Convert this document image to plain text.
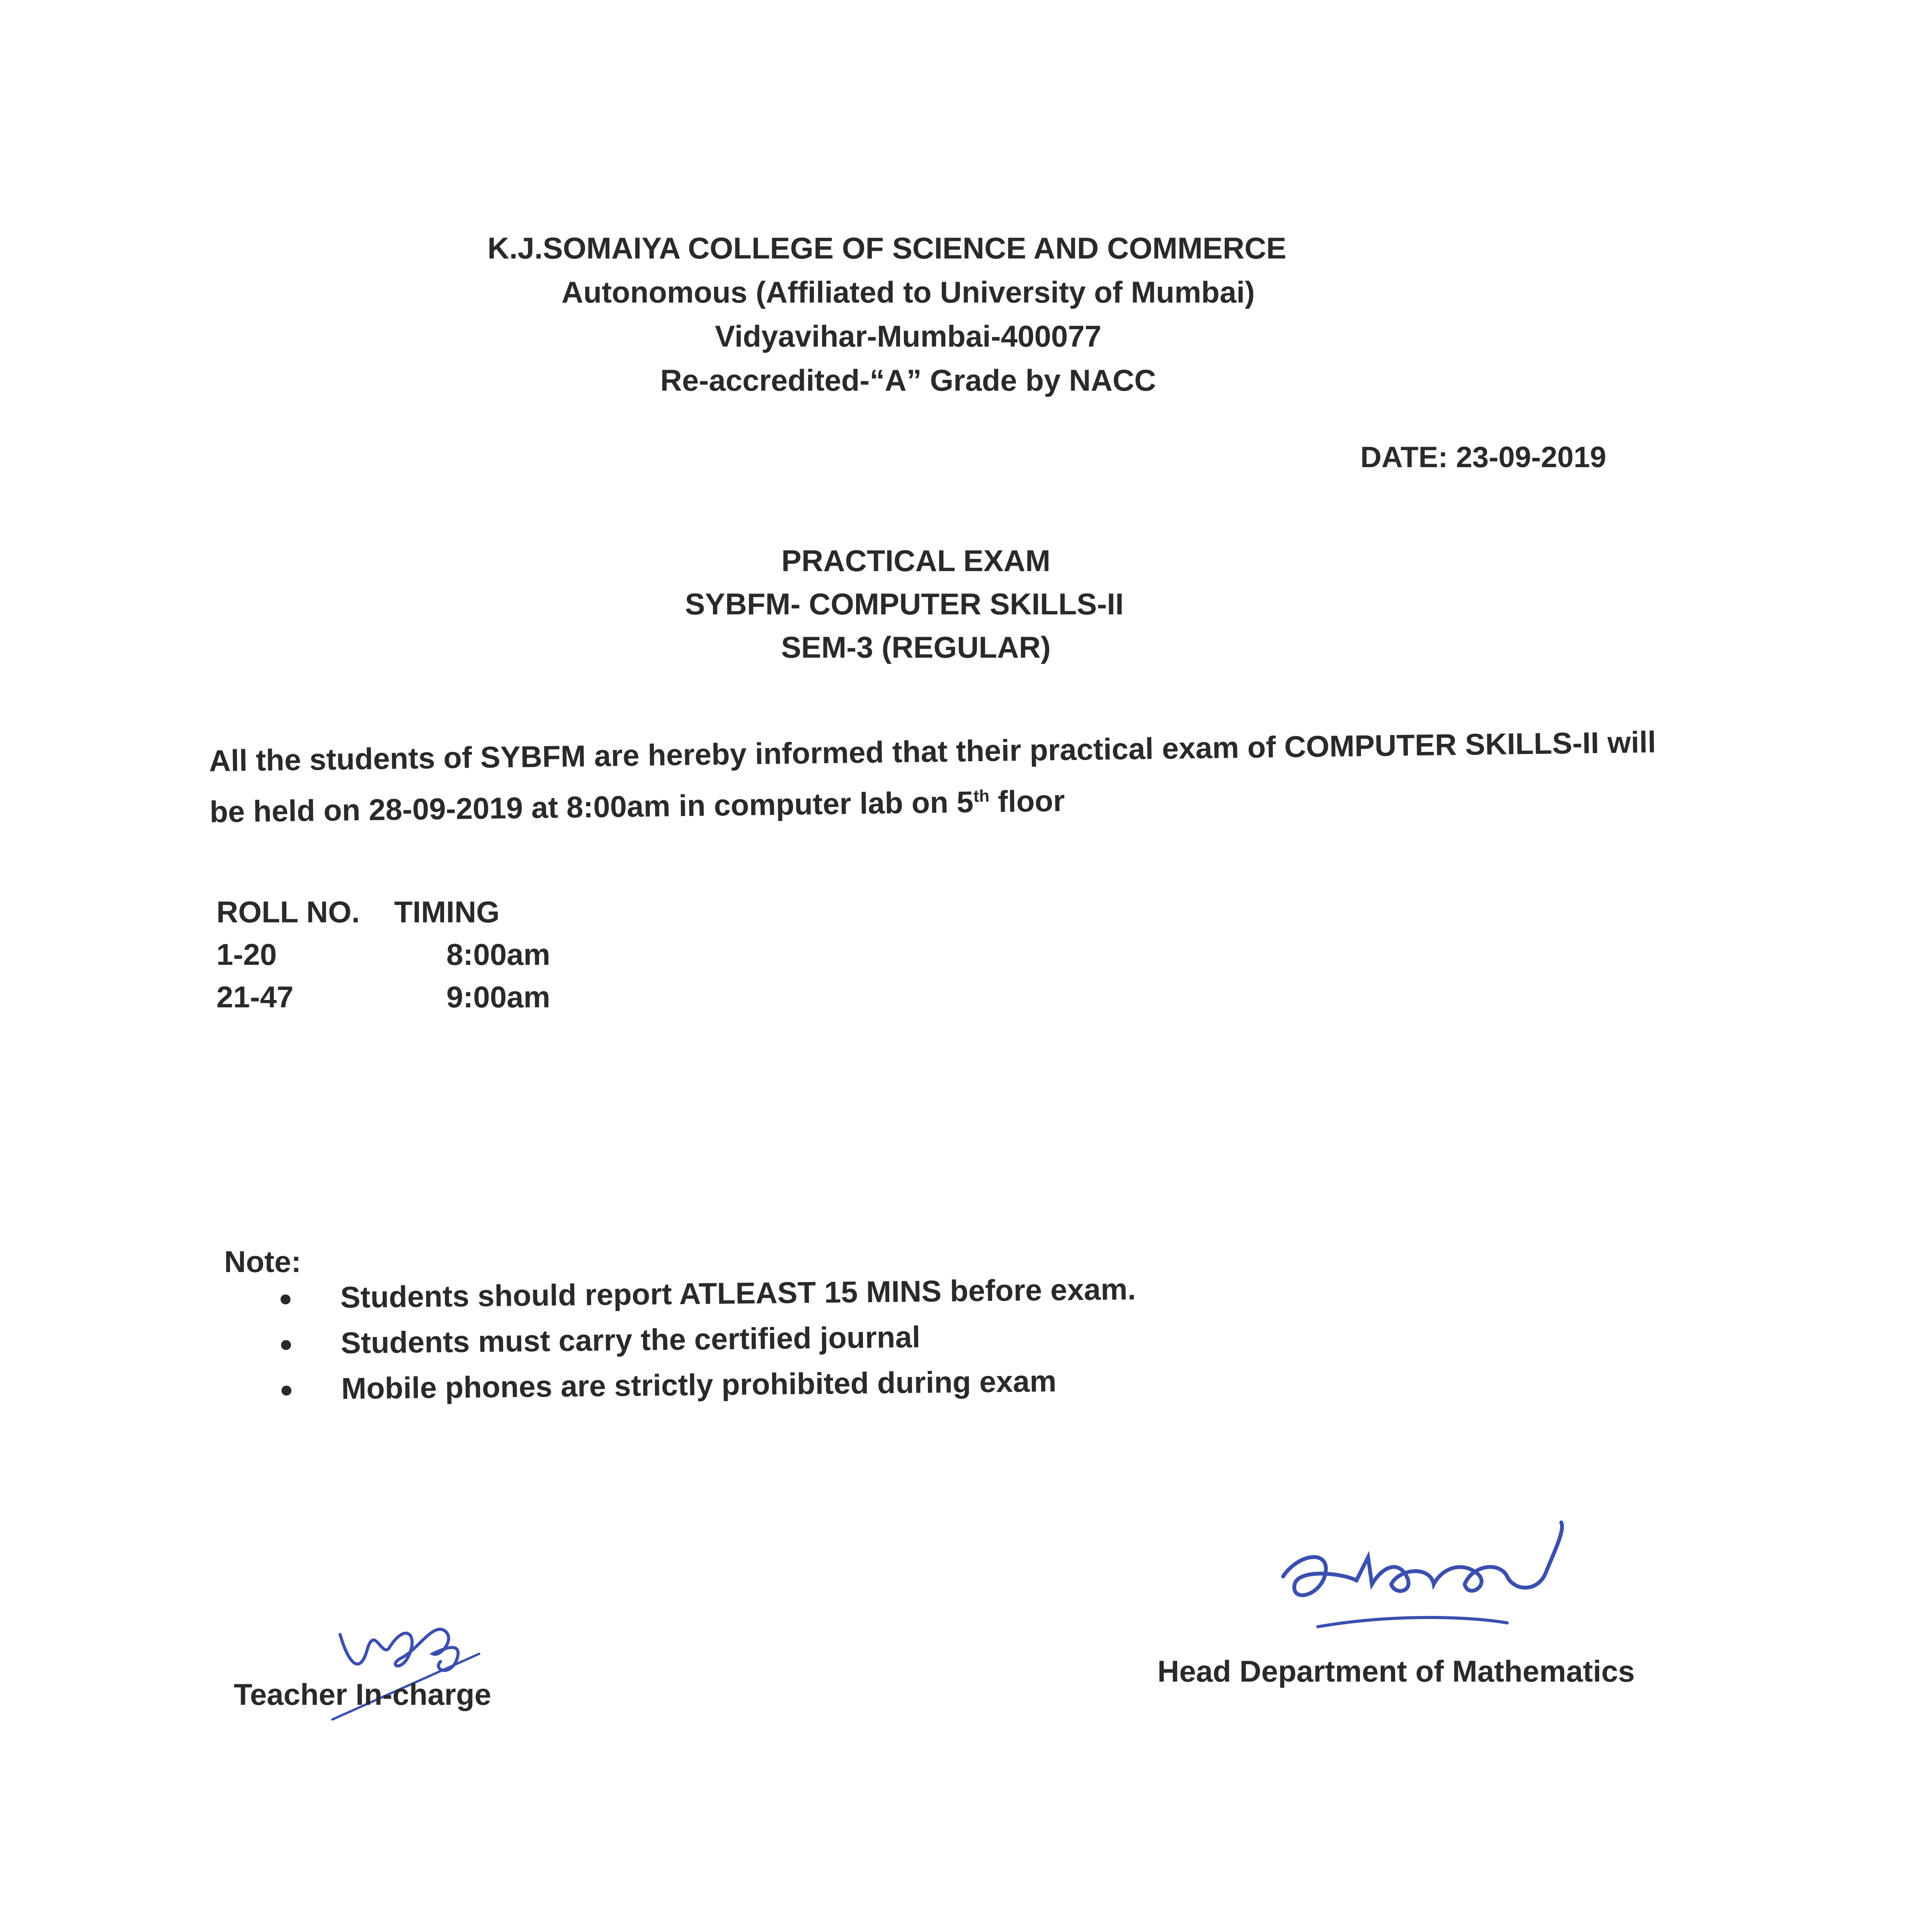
K.J.SOMAIYA COLLEGE OF SCIENCE AND COMMERCE
Autonomous (Affiliated to University of Mumbai)
Vidyavihar-Mumbai-400077
Re-accredited-“A” Grade by NACC
DATE: 23-09-2019
PRACTICAL EXAM
SYBFM- COMPUTER SKILLS-II
SEM-3 (REGULAR)
All the students of SYBFM are hereby informed that their practical exam of COMPUTER SKILLS-II will
be held on 28-09-2019 at 8:00am in computer lab on 5th floor
ROLL NO.	TIMING
1-20	8:00am
21-47	9:00am
Note:
●	Students should report ATLEAST 15 MINS before exam.
●	Students must carry the certified journal
●	Mobile phones are strictly prohibited during exam
Teacher In-charge
Head Department of Mathematics
